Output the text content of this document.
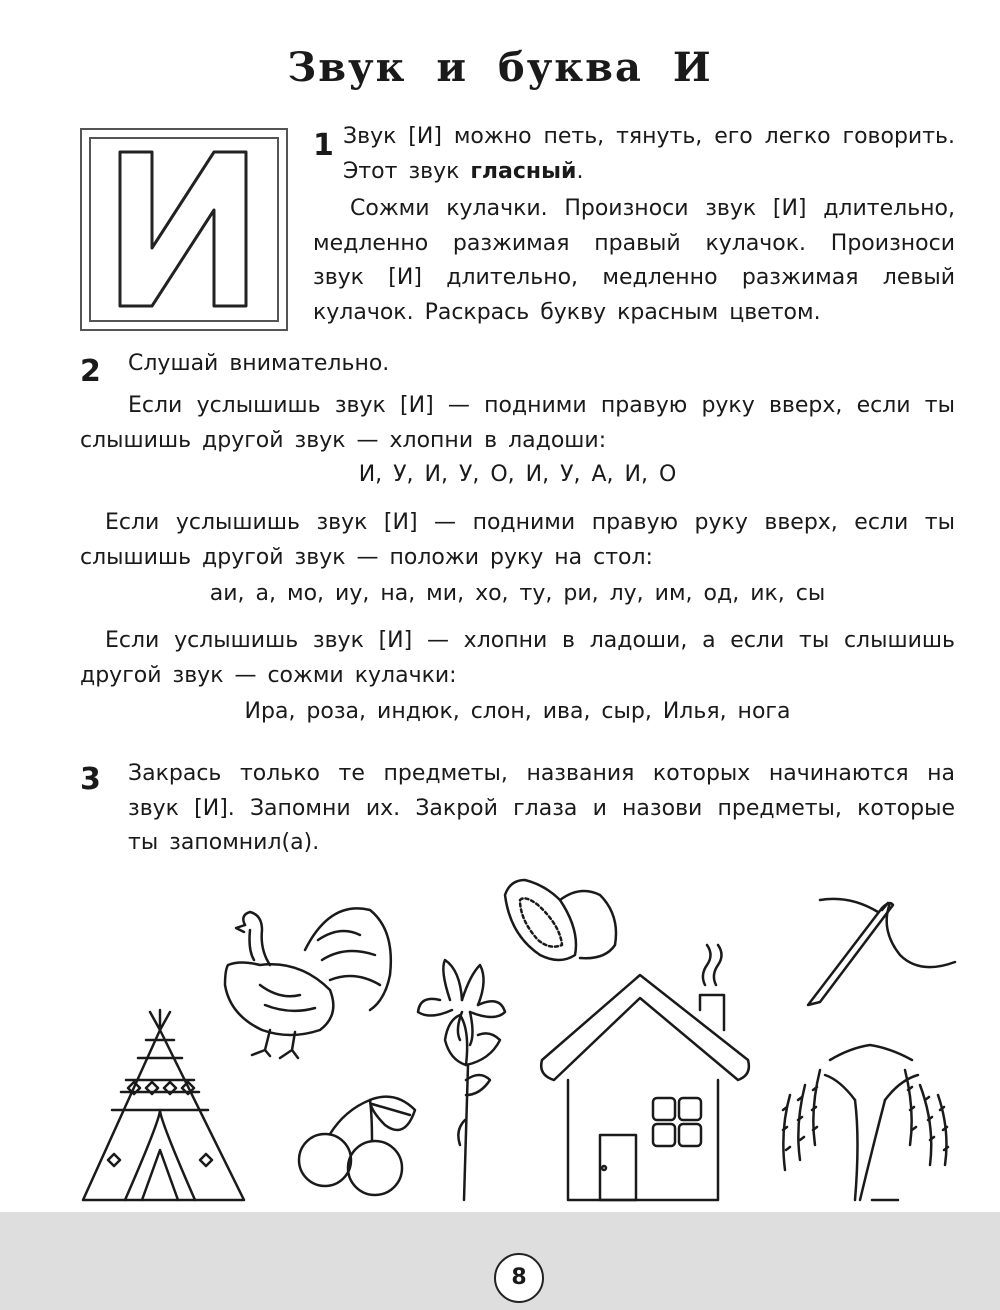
Звук и буква И
1 Звук [И] можно петь, тянуть, его легко говорить. Этот звук гласный.

Сожми кулачки. Произноси звук [И] длительно, медленно разжимая правый кулачок. Произноси звук [И] длительно, медленно разжимая левый кулачок. Раскрась букву красным цветом.

2 Слушай внимательно.

Если услышишь звук [И] — подними правую руку вверх, если ты слышишь другой звук — хлопни в ладоши:

И, У, И, У, О, И, У, А, И, О

Если услышишь звук [И] — подними правую руку вверх, если ты слышишь другой звук — положи руку на стол:

аи, а, мо, иу, на, ми, хо, ту, ри, лу, им, од, ик, сы

Если услышишь звук [И] — хлопни в ладоши, а если ты слышишь другой звук — сожми кулачки:

Ира, роза, индюк, слон, ива, сыр, Илья, нога
3 Закрась только те предметы, названия которых начинаются на звук [И]. Запомни их. Закрой глаза и назови предметы, которые ты запомнил(а).

8
